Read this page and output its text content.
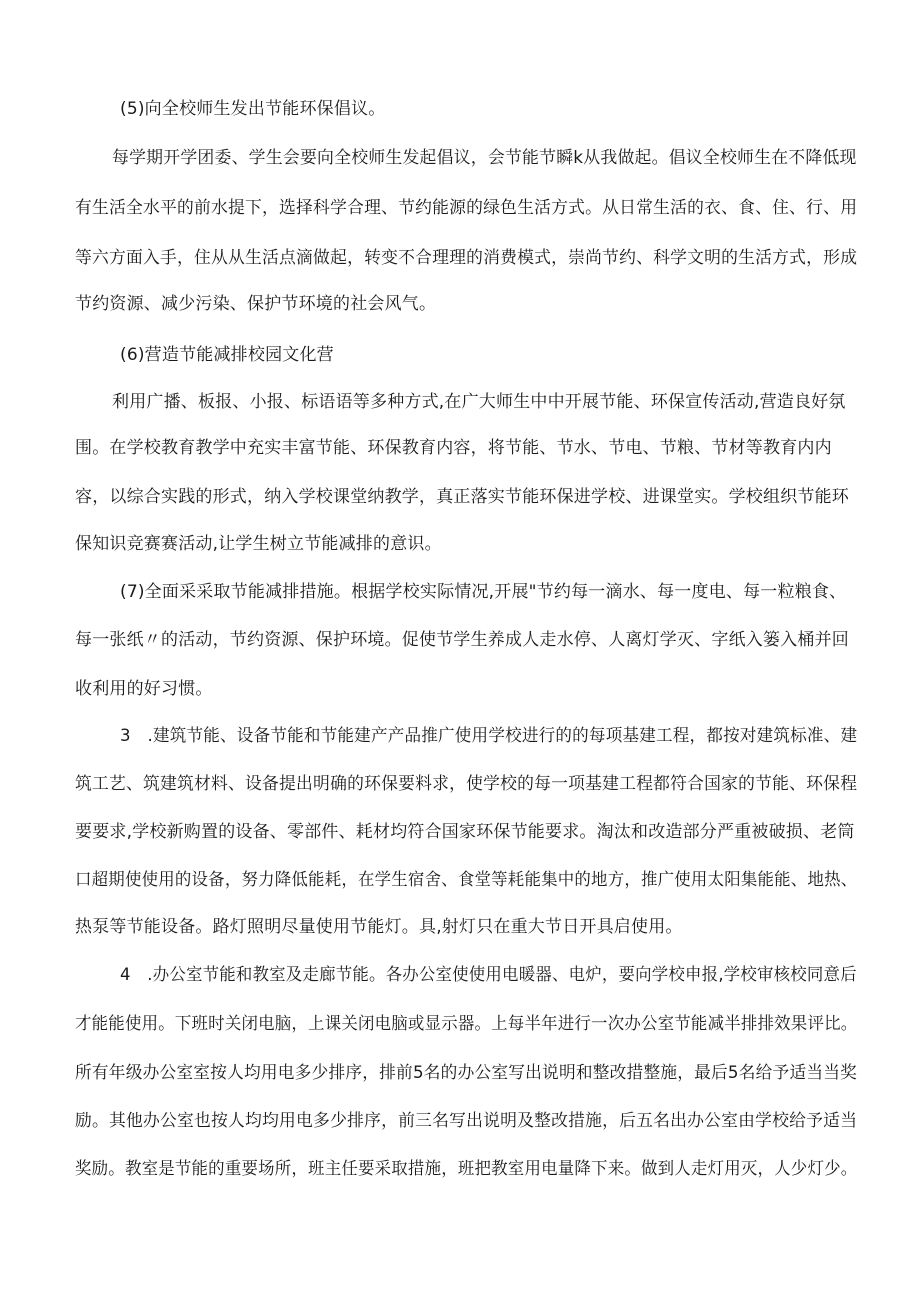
(5)向全校师生发出节能环保倡议。

每学期开学团委、学生会要向全校师生发起倡议，会节能节瞬k从我做起。倡议全校师生在不降低现

有生活全水平的前水提下，选择科学合理、节约能源的绿色生活方式。从日常生活的衣、食、住、行、用

等六方面入手，住从从生活点滴做起，转变不合理理的消费模式，崇尚节约、科学文明的生活方式，形成

节约资源、减少污染、保护节环境的社会风气。

(6)营造节能减排校园文化营

利用广播、板报、小报、标语语等多种方式,在广大师生中中开展节能、环保宣传活动,营造良好氛

围。在学校教育教学中充实丰富节能、环保教育内容，将节能、节水、节电、节粮、节材等教育内内

容，以综合实践的形式，纳入学校课堂纳教学，真正落实节能环保进学校、进课堂实。学校组织节能环

保知识竞赛赛活动,让学生树立节能减排的意识。

(7)全面采采取节能减排措施。根据学校实际情况,开展"节约每一滴水、每一度电、每一粒粮食、

每一张纸〃的活动，节约资源、保护环境。促使节学生养成人走水停、人离灯学灭、字纸入篓入桶并回

收利用的好习惯。

3　.建筑节能、设备节能和节能建产产品推广使用学校进行的的每项基建工程，都按对建筑标准、建

筑工艺、筑建筑材料、设备提出明确的环保要料求，使学校的每一项基建工程都符合国家的节能、环保程

要要求,学校新购置的设备、零部件、耗材均符合国家环保节能要求。淘汰和改造部分严重被破损、老筒

口超期使使用的设备，努力降低能耗，在学生宿舍、食堂等耗能集中的地方，推广使用太阳集能能、地热、

热泵等节能设备。路灯照明尽量使用节能灯。具,射灯只在重大节日开具启使用。

4　.办公室节能和教室及走廊节能。各办公室使使用电暖器、电炉，要向学校申报,学校审核校同意后

才能能使用。下班时关闭电脑，上课关闭电脑或显示器。上每半年进行一次办公室节能减半排排效果评比。

所有年级办公室室按人均用电多少排序，排前5名的办公室写出说明和整改措整施，最后5名给予适当当奖

励。其他办公室也按人均均用电多少排序，前三名写出说明及整改措施，后五名出办公室由学校给予适当

奖励。教室是节能的重要场所，班主任要采取措施，班把教室用电量降下来。做到人走灯用灭，人少灯少。
